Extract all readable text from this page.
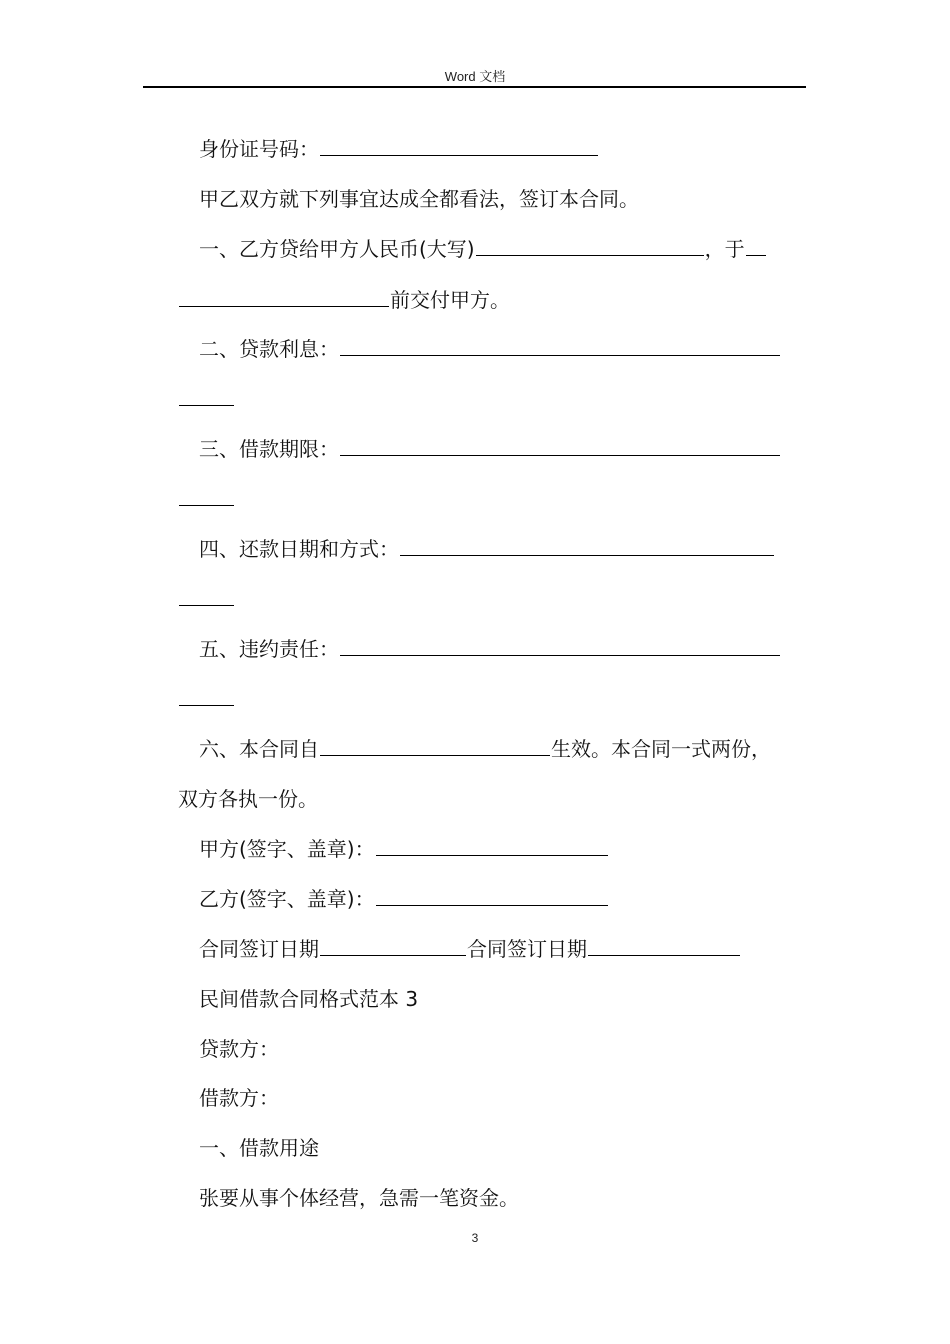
Word 文档
身份证号码：
甲乙双方就下列事宜达成全都看法，签订本合同。
一、乙方贷给甲方人民币(大写)	，于
前交付甲方。
二、贷款利息：
三、借款期限：
四、还款日期和方式：
五、违约责任：
六、本合同自	生效。本合同一式两份，
双方各执一份。
甲方(签字、盖章)：
乙方(签字、盖章)：
合同签订日期	合同签订日期
民间借款合同格式范本 3
贷款方：
借款方：
一、借款用途
张要从事个体经营，急需一笔资金。
3
